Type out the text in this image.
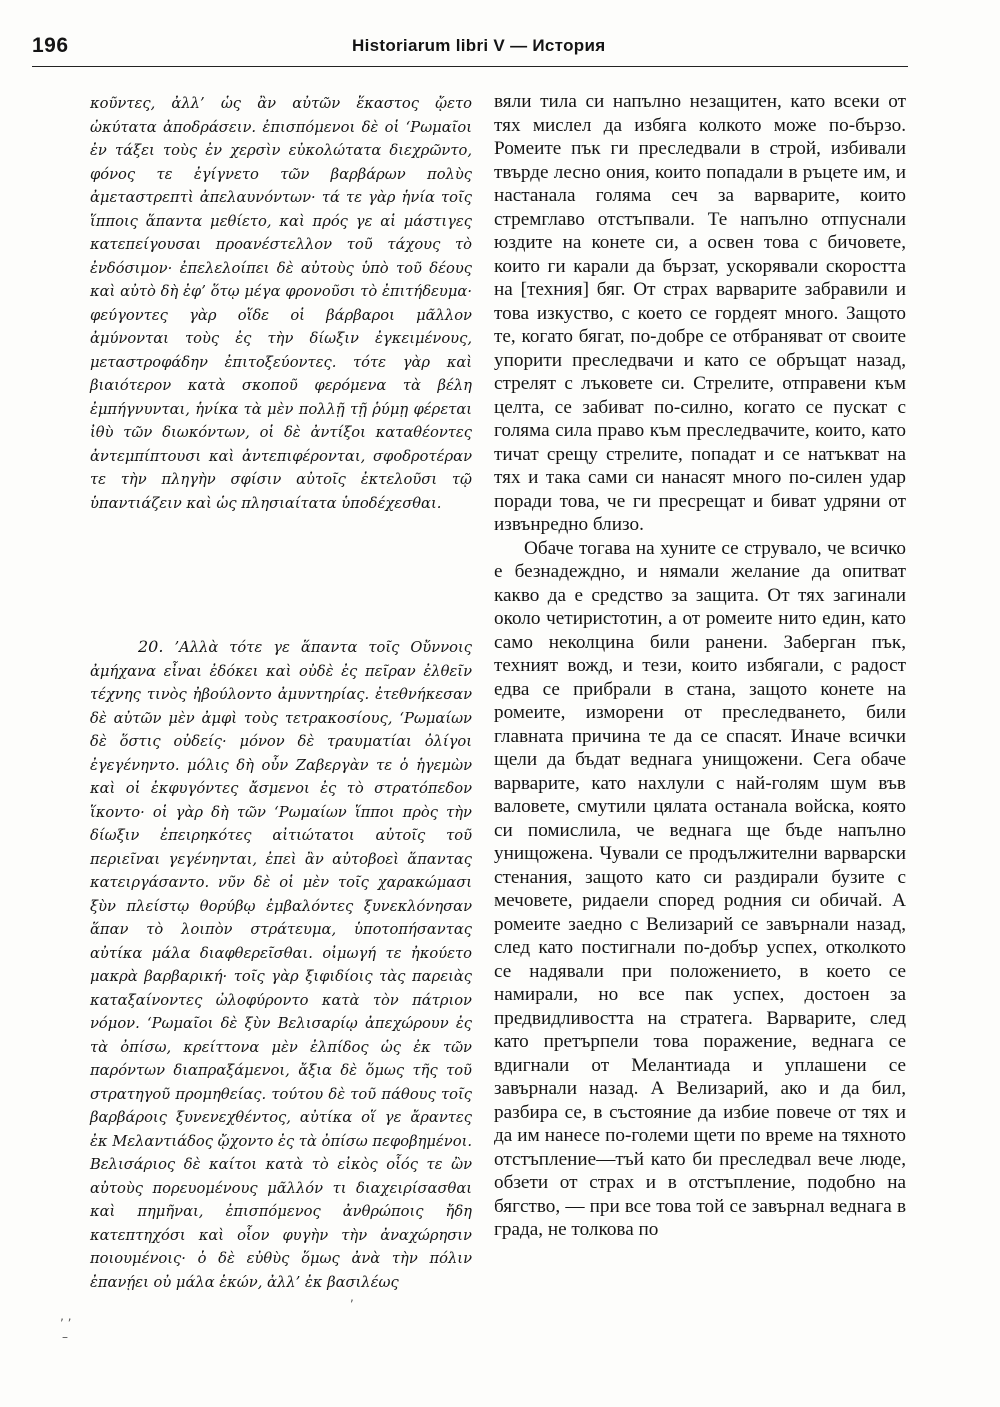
196	Historiarum libri V — История

κοῦντες, ἀλλ’ ὡς ἂν αὐτῶν ἕκαστος ᾤετο ὠκύτατα ἀποδράσειν. ἐπισπόμενοι δὲ οἱ ‘Ρωμαῖοι ἐν τάξει τοὺς ἐν χερσὶν εὐκολώτατα διεχρῶντο, φόνος τε ἐγίγνετο τῶν βαρβάρων πολὺς ἀμεταστρεπτὶ ἀπελαυνόντων· τά τε γὰρ ἡνία τοῖς ἵπποις ἅπαντα μεθίετο, καὶ πρός γε αἱ μάστιγες κατεπείγουσαι προανέστελλον τοῦ τάχους τὸ ἐνδόσιμον· ἐπελελοίπει δὲ αὐτοὺς ὑπὸ τοῦ δέους καὶ αὐτὸ δὴ ἐφ’ ὅτῳ μέγα φρονοῦσι τὸ ἐπιτήδευμα· φεύγοντες γὰρ οἵδε οἱ βάρβαροι μᾶλλον ἀμύνονται τοὺς ἐς τὴν δίωξιν ἐγκειμένους, μεταστροφάδην ἐπιτοξεύοντες. τότε γὰρ καὶ βιαιότερον κατὰ σκοποῦ φερόμενα τὰ βέλη ἐμπήγνυνται, ἡνίκα τὰ μὲν πολλῇ τῇ ῥύμῃ φέρεται ἰθὺ τῶν διωκόντων, οἱ δὲ ἀντίξοι καταθέοντες ἀντεμπίπτουσι καὶ ἀντεπιφέρονται, σφοδροτέραν τε τὴν πληγὴν σφίσιν αὐτοῖς ἐκτελοῦσι τῷ ὑπαντιάζειν καὶ ὡς πλησιαίτατα ὑποδέχεσθαι.

20. ’Αλλὰ τότε γε ἅπαντα τοῖς Οὔννοις ἀμήχανα εἶναι ἐδόκει καὶ οὐδὲ ἐς πεῖραν ἐλθεῖν τέχνης τινὸς ἠβούλοντο ἀμυντηρίας. ἐτεθνήκεσαν δὲ αὐτῶν μὲν ἀμφὶ τοὺς τετρακοσίους, ‘Ρωμαίων δὲ ὅστις οὐδείς· μόνον δὲ τραυματίαι ὀλίγοι ἐγεγένηντο. μόλις δὴ οὖν Ζαβεργὰν τε ὁ ἡγεμὼν καὶ οἱ ἐκφυγόντες ἄσμενοι ἐς τὸ στρατόπεδον ἵκοντο· οἱ γὰρ δὴ τῶν ‘Ρωμαίων ἵπποι πρὸς τὴν δίωξιν ἐπειρηκότες αἰτιώτατοι αὐτοῖς τοῦ περιεῖναι γεγένηνται, ἐπεὶ ἂν αὐτοβοεὶ ἅπαντας κατειργάσαντο. νῦν δὲ οἱ μὲν τοῖς χαρακώμασι ξὺν πλείστῳ θορύβῳ ἐμβαλόντες ξυνεκλόνησαν ἅπαν τὸ λοιπὸν στράτευμα, ὑποτοπήσαντας αὐτίκα μάλα διαφθερεῖσθαι. οἰμωγή τε ἠκούετο μακρὰ βαρβαρική· τοῖς γὰρ ξιφιδίοις τὰς παρειὰς καταξαίνοντες ὠλοφύροντο κατὰ τὸν πάτριον νόμον. ‘Ρωμαῖοι δὲ ξὺν Βελισαρίῳ ἀπεχώρουν ἐς τὰ ὀπίσω, κρείττονα μὲν ἐλπίδος ὡς ἐκ τῶν παρόντων διαπραξάμενοι, ἄξια δὲ ὅμως τῆς τοῦ στρατηγοῦ προμηθείας. τούτου δὲ τοῦ πάθους τοῖς βαρβάροις ξυνενεχθέντος, αὐτίκα οἵ γε ἄραντες ἐκ Μελαντιάδος ᾤχοντο ἐς τὰ ὀπίσω πεφοβημένοι. Βελισάριος δὲ καίτοι κατὰ τὸ εἰκὸς οἷός τε ὢν αὐτοὺς πορευομένους μᾶλλόν τι διαχειρίσασθαι καὶ πημῆναι, ἐπισπόμενος ἀνθρώποις ἤδη κατεπτηχόσι καὶ οἷον φυγὴν τὴν ἀναχώρησιν ποιουμένοις· ὁ δὲ εὐθὺς ὅμως ἀνὰ τὴν πόλιν ἐπανῄει οὐ μάλα ἑκών, ἀλλ’ ἐκ βασιλέως

вяли тила си напълно незащитен, като всеки от тях мислел да избяга колкото може по-бързо. Ромеите пък ги преследвали в строй, избивали твърде лесно ония, които попадали в ръцете им, и настанала голяма сеч за варварите, които стремглаво отстъпвали. Те напълно отпуснали юздите на конете си, а освен това с бичовете, които ги карали да бързат, ускорявали скоростта на [техния] бяг. От страх варварите забравили и това изкуство, с което се гордеят много. Защото те, когато бягат, по-добре се отбраняват от своите упорити преследвачи и като се обръщат назад, стрелят с лъковете си. Стрелите, отправени към целта, се забиват по-силно, когато се пускат с голяма сила право към преследвачите, които, като тичат срещу стрелите, попадат и се натъкват на тях и така сами си нанасят много по-силен удар поради това, че ги пресрещат и биват удряни от извънредно близо.

Обаче тогава на хуните се струвало, че всичко е безнадеждно, и нямали желание да опитват какво да е средство за защита. От тях загинали около четиристотин, а от ромеите нито един, като само неколцина били ранени. Заберган пък, техният вожд, и тези, които избягали, с радост едва се прибрали в стана, защото конете на ромеите, изморени от преследването, били главната причина те да се спасят. Иначе всички щели да бъдат веднага унищожени. Сега обаче варварите, като нахлули с най-голям шум във валовете, смутили цялата останала войска, която си помислила, че веднага ще бъде напълно унищожена. Чували се продължителни варварски стенания, защото като си раздирали бузите с мечовете, ридаели според родния си обичай. А ромеите заедно с Велизарий се завърнали назад, след като постигнали по-добър успех, отколкото се надявали при положението, в което се намирали, но все пак успех, достоен за предвидливостта на стратега. Варварите, след като претърпели това поражение, веднага се вдигнали от Мелантиада и уплашени се завърнали назад. А Велизарий, ако и да бил, разбира се, в състояние да избие повече от тях и да им нанесе по-големи щети по време на тяхното отстъпление—тъй като би преследвал вече люде, обзети от страх и в отстъпление, подобно на бягство, — при все това той се завърнал веднага в града, не толкова по

,
‚ ‚
–
